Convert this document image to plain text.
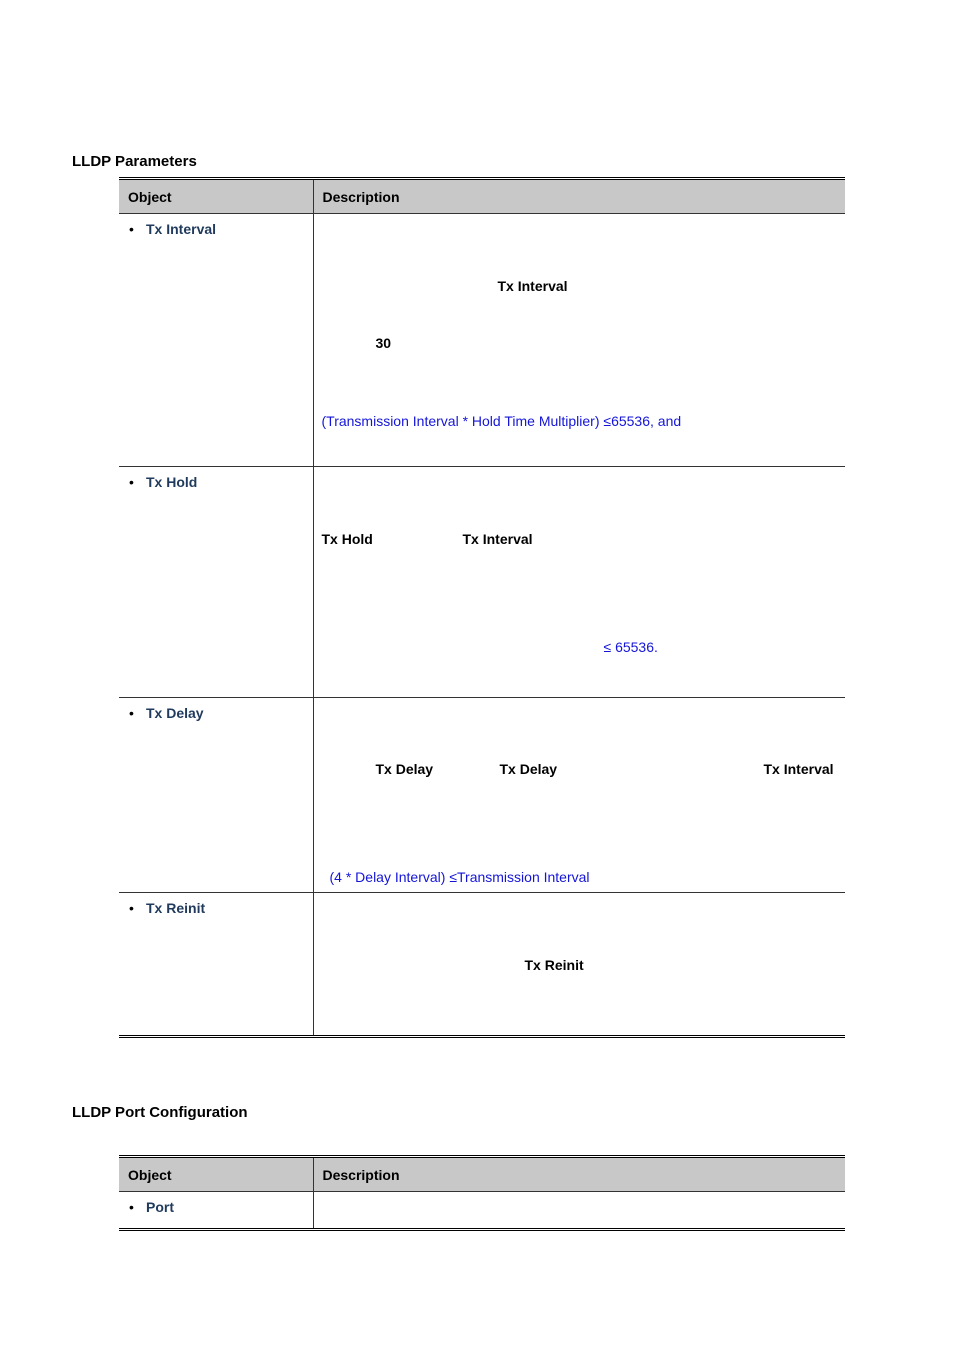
LLDP Parameters
Object	Description

• Tx Interval	Tx Interval
30
(Transmission Interval * Hold Time Multiplier) ≤65536, and

• Tx Hold	Tx Hold Tx Interval
≤ 65536.

• Tx Delay	Tx Delay Tx Delay Tx Interval
(4 * Delay Interval) ≤Transmission Interval

• Tx Reinit	Tx Reinit
LLDP Port Configuration
Object	Description

• Port	
